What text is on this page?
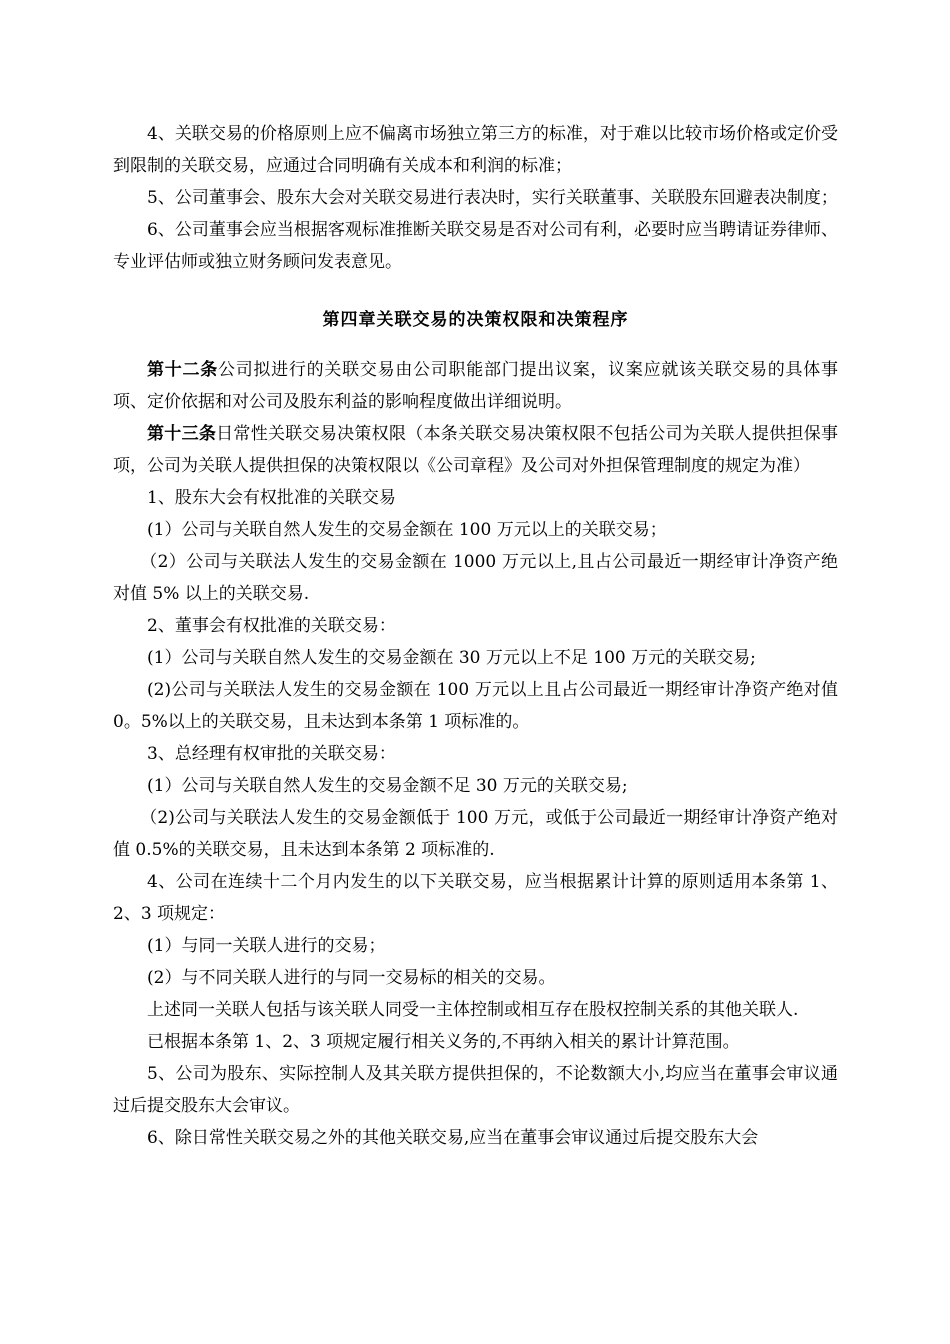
4、关联交易的价格原则上应不偏离市场独立第三方的标准，对于难以比较市场价格或定价受到限制的关联交易，应通过合同明确有关成本和利润的标准；

5、公司董事会、股东大会对关联交易进行表决时，实行关联董事、关联股东回避表决制度；

6、公司董事会应当根据客观标准推断关联交易是否对公司有利，必要时应当聘请证券律师、专业评估师或独立财务顾问发表意见。

第四章关联交易的决策权限和决策程序

第十二条公司拟进行的关联交易由公司职能部门提出议案，议案应就该关联交易的具体事项、定价依据和对公司及股东利益的影响程度做出详细说明。

第十三条日常性关联交易决策权限（本条关联交易决策权限不包括公司为关联人提供担保事项，公司为关联人提供担保的决策权限以《公司章程》及公司对外担保管理制度的规定为准）

1、股东大会有权批准的关联交易

(1）公司与关联自然人发生的交易金额在 100 万元以上的关联交易；

（2）公司与关联法人发生的交易金额在 1000 万元以上,且占公司最近一期经审计净资产绝对值 5% 以上的关联交易.

2、董事会有权批准的关联交易：

(1）公司与关联自然人发生的交易金额在 30 万元以上不足 100 万元的关联交易;

(2)公司与关联法人发生的交易金额在 100 万元以上且占公司最近一期经审计净资产绝对值 0。5%以上的关联交易，且未达到本条第 1 项标准的。

3、总经理有权审批的关联交易：

(1）公司与关联自然人发生的交易金额不足 30 万元的关联交易;

（2)公司与关联法人发生的交易金额低于 100 万元，或低于公司最近一期经审计净资产绝对值 0.5%的关联交易，且未达到本条第 2 项标准的.

4、公司在连续十二个月内发生的以下关联交易，应当根据累计计算的原则适用本条第 1、2、3 项规定：

(1）与同一关联人进行的交易；

(2）与不同关联人进行的与同一交易标的相关的交易。

上述同一关联人包括与该关联人同受一主体控制或相互存在股权控制关系的其他关联人.

已根据本条第 1、2、3 项规定履行相关义务的,不再纳入相关的累计计算范围。

5、公司为股东、实际控制人及其关联方提供担保的，不论数额大小,均应当在董事会审议通过后提交股东大会审议。

6、除日常性关联交易之外的其他关联交易,应当在董事会审议通过后提交股东大会
